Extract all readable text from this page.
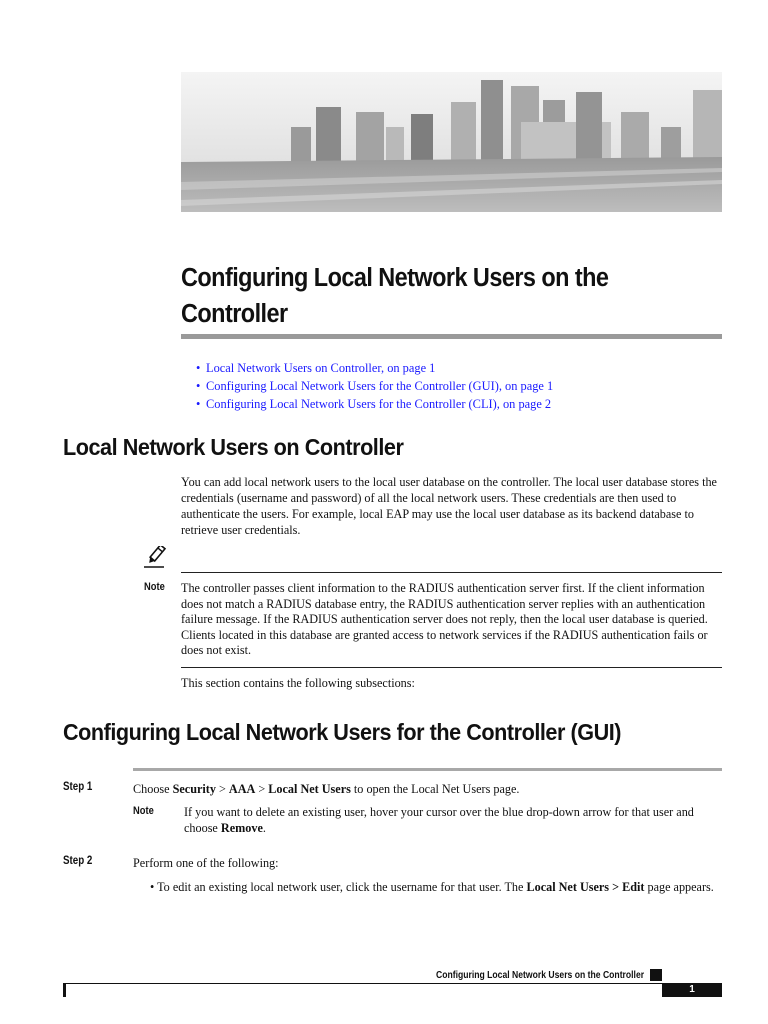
Configuring Local Network Users on the Controller
• Local Network Users on Controller, on page 1
• Configuring Local Network Users for the Controller (GUI), on page 1
• Configuring Local Network Users for the Controller (CLI), on page 2
Local Network Users on Controller

You can add local network users to the local user database on the controller. The local user database stores the credentials (username and password) of all the local network users. These credentials are then used to authenticate the users. For example, local EAP may use the local user database as its backend database to retrieve user credentials.

Note The controller passes client information to the RADIUS authentication server first. If the client information does not match a RADIUS database entry, the RADIUS authentication server replies with an authentication failure message. If the RADIUS authentication server does not reply, then the local user database is queried. Clients located in this database are granted access to network services if the RADIUS authentication fails or does not exist.

This section contains the following subsections:

Configuring Local Network Users for the Controller (GUI)
Step 1	Choose Security > AAA > Local Net Users to open the Local Net Users page.

Note If you want to delete an existing user, hover your cursor over the blue drop-down arrow for that user and choose Remove.

Step 2	Perform one of the following:

• To edit an existing local network user, click the username for that user. The Local Net Users > Edit page appears.

Configuring Local Network Users on the Controller
1
